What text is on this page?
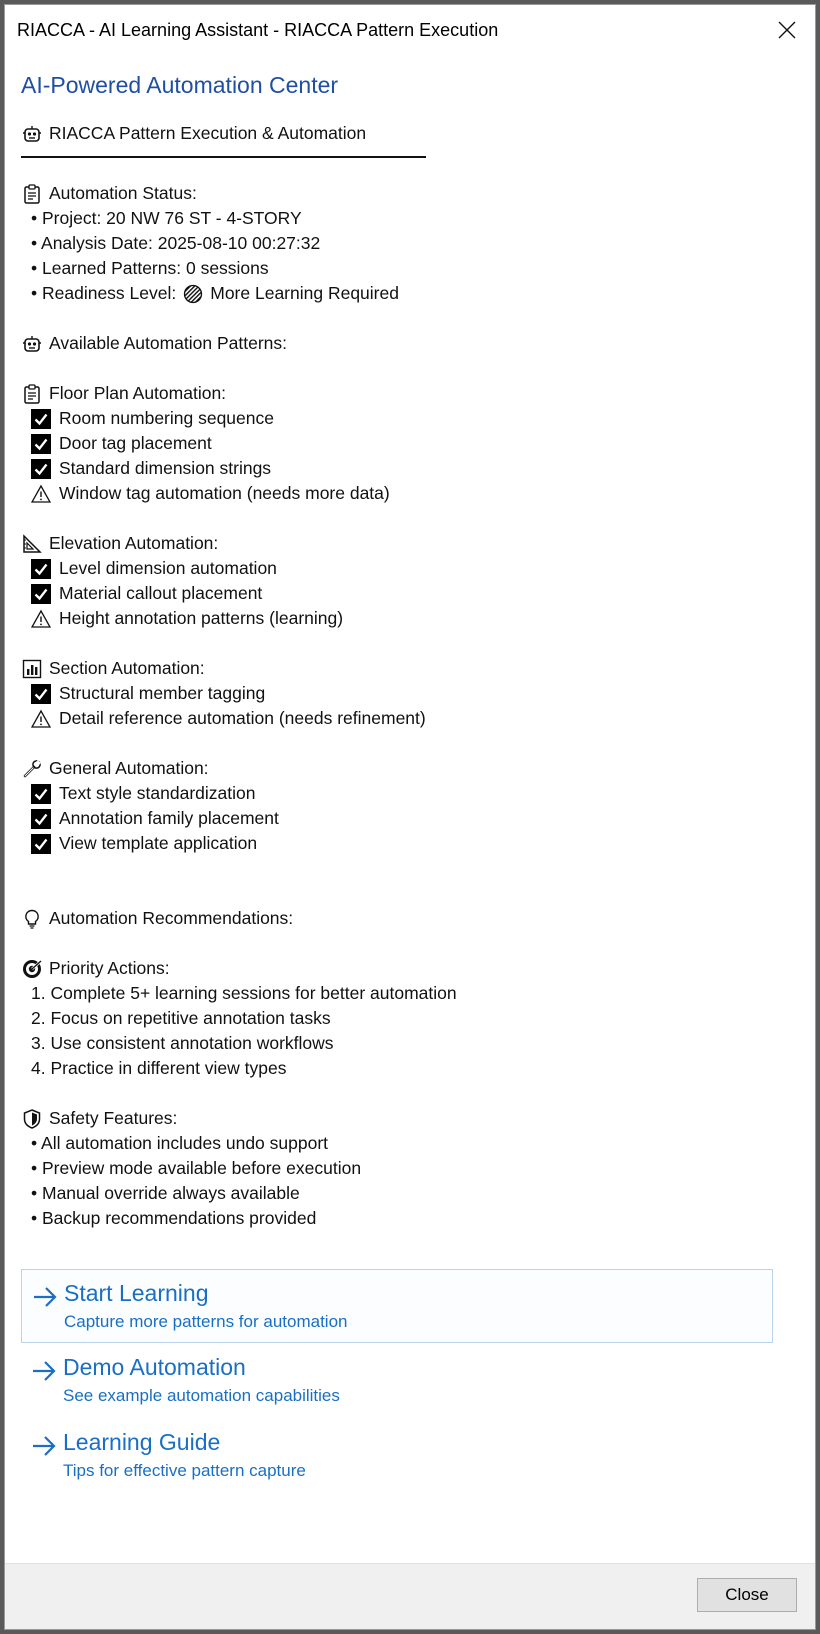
RIACCA - AI Learning Assistant - RIACCA Pattern Execution
AI-Powered Automation Center
RIACCA Pattern Execution & Automation
Automation Status:
• Project: 20 NW 76 ST - 4-STORY
• Analysis Date: 2025-08-10 00:27:32
• Learned Patterns: 0 sessions
• Readiness Level: More Learning Required
Available Automation Patterns:
Floor Plan Automation:
Room numbering sequence
Door tag placement
Standard dimension strings
Window tag automation (needs more data)
Elevation Automation:
Level dimension automation
Material callout placement
Height annotation patterns (learning)
Section Automation:
Structural member tagging
Detail reference automation (needs refinement)
General Automation:
Text style standardization
Annotation family placement
View template application
Automation Recommendations:
Priority Actions:
1. Complete 5+ learning sessions for better automation
2. Focus on repetitive annotation tasks
3. Use consistent annotation workflows
4. Practice in different view types
Safety Features:
• All automation includes undo support
• Preview mode available before execution
• Manual override always available
• Backup recommendations provided
Start Learning
Capture more patterns for automation
Demo Automation
See example automation capabilities
Learning Guide
Tips for effective pattern capture
Close
